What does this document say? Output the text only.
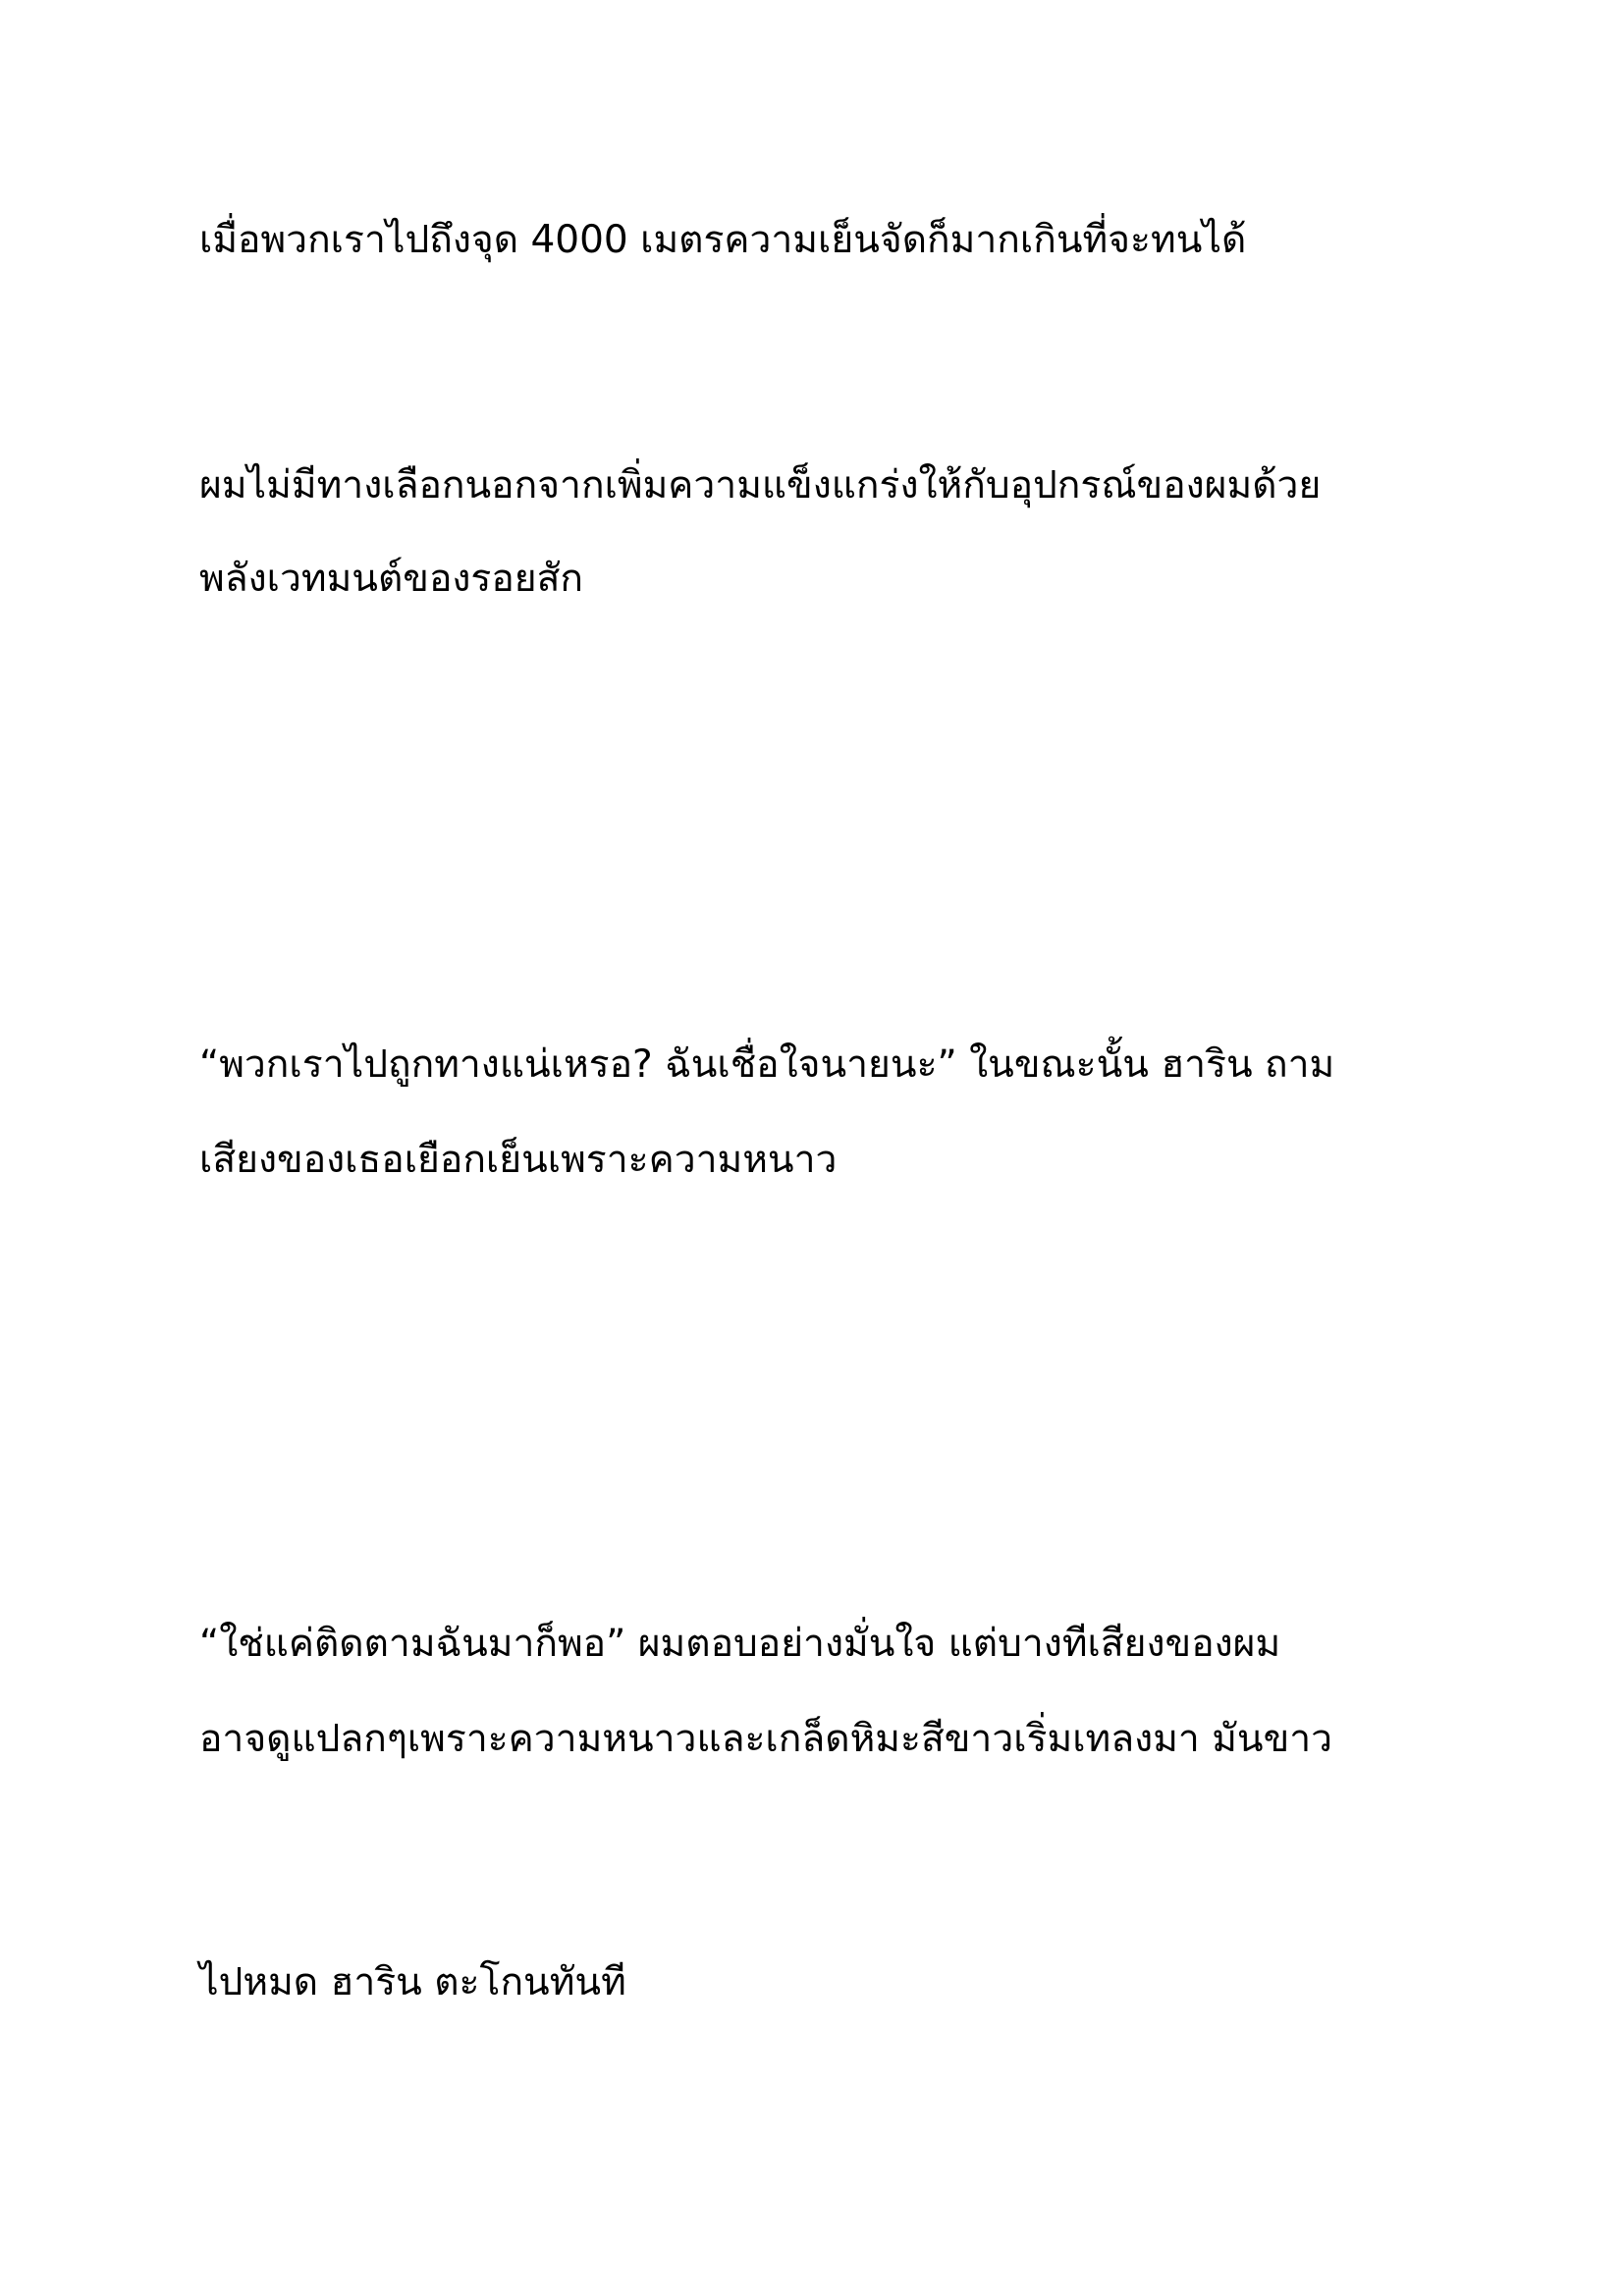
เมื่อพวกเราไปถึงจุด 4000 เมตรความเย็นจัดก็มากเกินที่จะทนได้
ผมไม่มีทางเลือกนอกจากเพิ่มความแข็งแกร่งให้กับอุปกรณ์ของผมด้วย
พลังเวทมนต์ของรอยสัก
“พวกเราไปถูกทางแน่เหรอ? ฉันเชื่อใจนายนะ” ในขณะนั้น ฮาริน ถาม
เสียงของเธอเยือกเย็นเพราะความหนาว
“ใช่แค่ติดตามฉันมาก็พอ” ผมตอบอย่างมั่นใจ แต่บางทีเสียงของผม
อาจดูแปลกๆเพราะความหนาวและเกล็ดหิมะสีขาวเริ่มเทลงมา มันขาว
ไปหมด ฮาริน ตะโกนทันที
